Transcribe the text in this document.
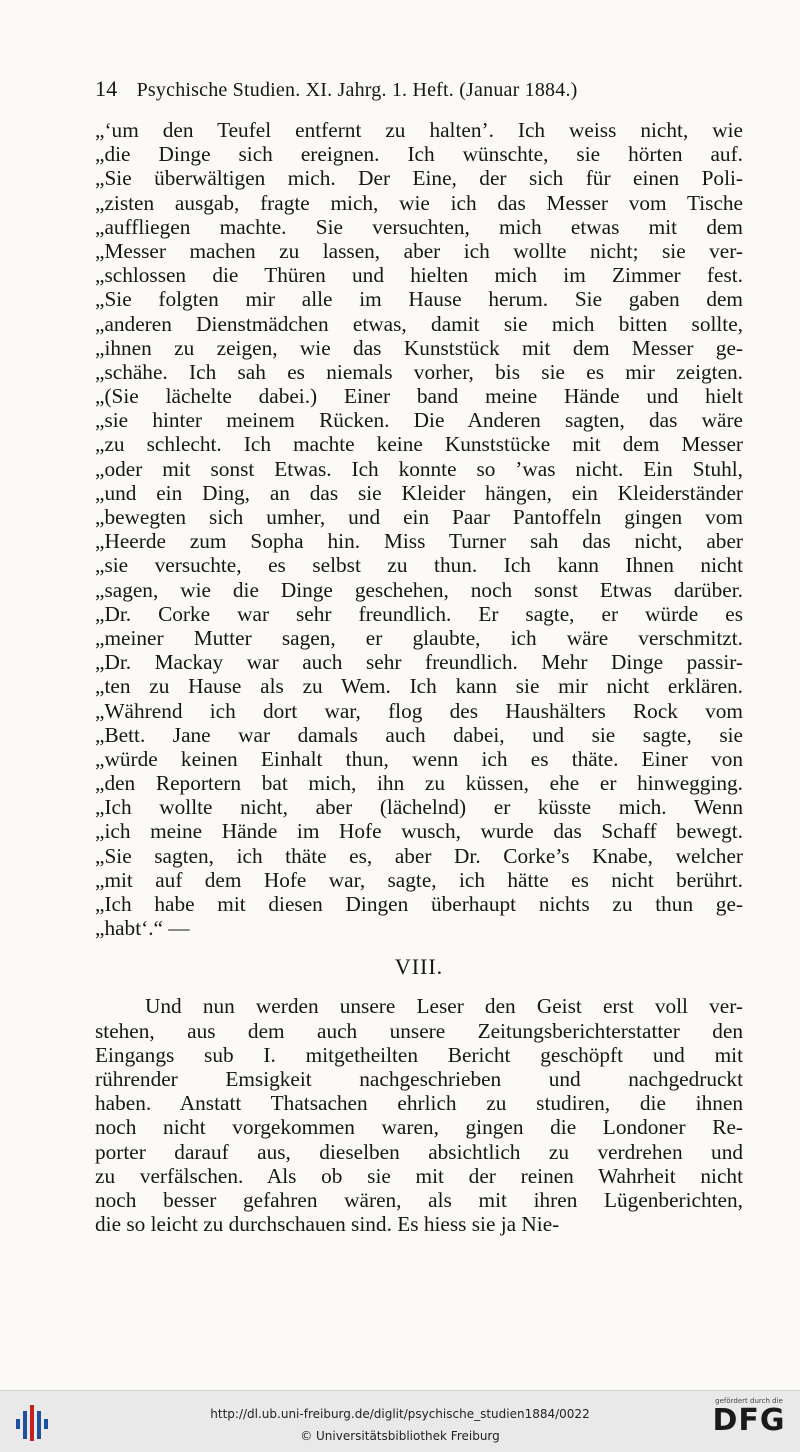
14 Psychische Studien. XI. Jahrg. 1. Heft. (Januar 1884.)
„‘um den Teufel entfernt zu halten’. Ich weiss nicht, wie
„die Dinge sich ereignen. Ich wünschte, sie hörten auf.
„Sie überwältigen mich. Der Eine, der sich für einen Poli-
„zisten ausgab, fragte mich, wie ich das Messer vom Tische
„auffliegen machte. Sie versuchten, mich etwas mit dem
„Messer machen zu lassen, aber ich wollte nicht; sie ver-
„schlossen die Thüren und hielten mich im Zimmer fest.
„Sie folgten mir alle im Hause herum. Sie gaben dem
„anderen Dienstmädchen etwas, damit sie mich bitten sollte,
„ihnen zu zeigen, wie das Kunststück mit dem Messer ge-
„schähe. Ich sah es niemals vorher, bis sie es mir zeigten.
„(Sie lächelte dabei.) Einer band meine Hände und hielt
„sie hinter meinem Rücken. Die Anderen sagten, das wäre
„zu schlecht. Ich machte keine Kunststücke mit dem Messer
„oder mit sonst Etwas. Ich konnte so ’was nicht. Ein Stuhl,
„und ein Ding, an das sie Kleider hängen, ein Kleiderständer
„bewegten sich umher, und ein Paar Pantoffeln gingen vom
„Heerde zum Sopha hin. Miss Turner sah das nicht, aber
„sie versuchte, es selbst zu thun. Ich kann Ihnen nicht
„sagen, wie die Dinge geschehen, noch sonst Etwas darüber.
„Dr. Corke war sehr freundlich. Er sagte, er würde es
„meiner Mutter sagen, er glaubte, ich wäre verschmitzt.
„Dr. Mackay war auch sehr freundlich. Mehr Dinge passir-
„ten zu Hause als zu Wem. Ich kann sie mir nicht erklären.
„Während ich dort war, flog des Haushälters Rock vom
„Bett. Jane war damals auch dabei, und sie sagte, sie
„würde keinen Einhalt thun, wenn ich es thäte. Einer von
„den Reportern bat mich, ihn zu küssen, ehe er hinwegging.
„Ich wollte nicht, aber (lächelnd) er küsste mich. Wenn
„ich meine Hände im Hofe wusch, wurde das Schaff bewegt.
„Sie sagten, ich thäte es, aber Dr. Corke’s Knabe, welcher
„mit auf dem Hofe war, sagte, ich hätte es nicht berührt.
„Ich habe mit diesen Dingen überhaupt nichts zu thun ge-
„habt‘.“ —
VIII.
Und nun werden unsere Leser den Geist erst voll ver-
stehen, aus dem auch unsere Zeitungsberichterstatter den
Eingangs sub I. mitgetheilten Bericht geschöpft und mit
rührender Emsigkeit nachgeschrieben und nachgedruckt
haben. Anstatt Thatsachen ehrlich zu studiren, die ihnen
noch nicht vorgekommen waren, gingen die Londoner Re-
porter darauf aus, dieselben absichtlich zu verdrehen und
zu verfälschen. Als ob sie mit der reinen Wahrheit nicht
noch besser gefahren wären, als mit ihren Lügenberichten,
die so leicht zu durchschauen sind. Es hiess sie ja Nie-
http://dl.ub.uni-freiburg.de/diglit/psychische_studien1884/0022
© Universitätsbibliothek Freiburg
gefördert durch die
DFG
